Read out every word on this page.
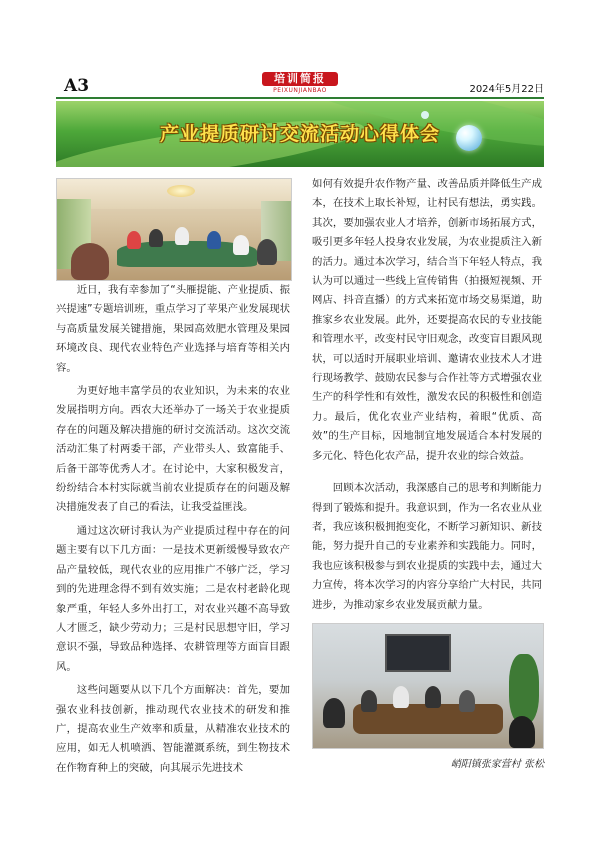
A3	培训简报
PEIXUNJIANBAO	2024年5月22日
产业提质研讨交流活动心得体会

近日，我有幸参加了“头雁提能、产业提质、振兴提速”专题培训班，重点学习了苹果产业发展现状与高质量发展关键措施，果园高效肥水管理及果园环境改良、现代农业特色产业选择与培育等相关内容。

为更好地丰富学员的农业知识，为未来的农业发展指明方向。西农大还举办了一场关于农业提质存在的问题及解决措施的研讨交流活动。这次交流活动汇集了村两委干部，产业带头人、致富能手、后备干部等优秀人才。在讨论中，大家积极发言，纷纷结合本村实际就当前农业提质存在的问题及解决措施发表了自己的看法，让我受益匪浅。

通过这次研讨我认为产业提质过程中存在的问题主要有以下几方面：一是技术更新缓慢导致农产品产量较低，现代农业的应用推广不够广泛，学习到的先进理念得不到有效实施；二是农村老龄化现象严重，年轻人多外出打工，对农业兴趣不高导致人才匮乏，缺少劳动力；三是村民思想守旧，学习意识不强，导致品种选择、农耕管理等方面盲目跟风。

这些问题要从以下几个方面解决：首先，要加强农业科技创新，推动现代农业技术的研发和推广，提高农业生产效率和质量，从精准农业技术的应用，如无人机喷洒、智能灌溉系统，到生物技术在作物育种上的突破，向其展示先进技术

如何有效提升农作物产量、改善品质并降低生产成本，在技术上取长补短，让村民有想法，勇实践。其次，要加强农业人才培养，创新市场拓展方式，吸引更多年轻人投身农业发展，为农业提质注入新的活力。通过本次学习，结合当下年轻人特点，我认为可以通过一些线上宣传销售（拍摄短视频、开网店、抖音直播）的方式来拓宽市场交易渠道，助推家乡农业发展。此外，还要提高农民的专业技能和管理水平，改变村民守旧观念，改变盲目跟风现状，可以适时开展职业培训、邀请农业技术人才进行现场教学、鼓励农民参与合作社等方式增强农业生产的科学性和有效性，激发农民的积极性和创造力。最后，优化农业产业结构，着眼“优质、高效”的生产目标，因地制宜地发展适合本村发展的多元化、特色化农产品，提升农业的综合效益。

回顾本次活动，我深感自己的思考和判断能力得到了锻炼和提升。我意识到，作为一名农业从业者，我应该积极拥抱变化，不断学习新知识、新技能，努力提升自己的专业素养和实践能力。同时，我也应该积极参与到农业提质的实践中去，通过大力宣传，将本次学习的内容分享给广大村民，共同进步，为推动家乡农业发展贡献力量。

峭阳镇张家营村 张松
